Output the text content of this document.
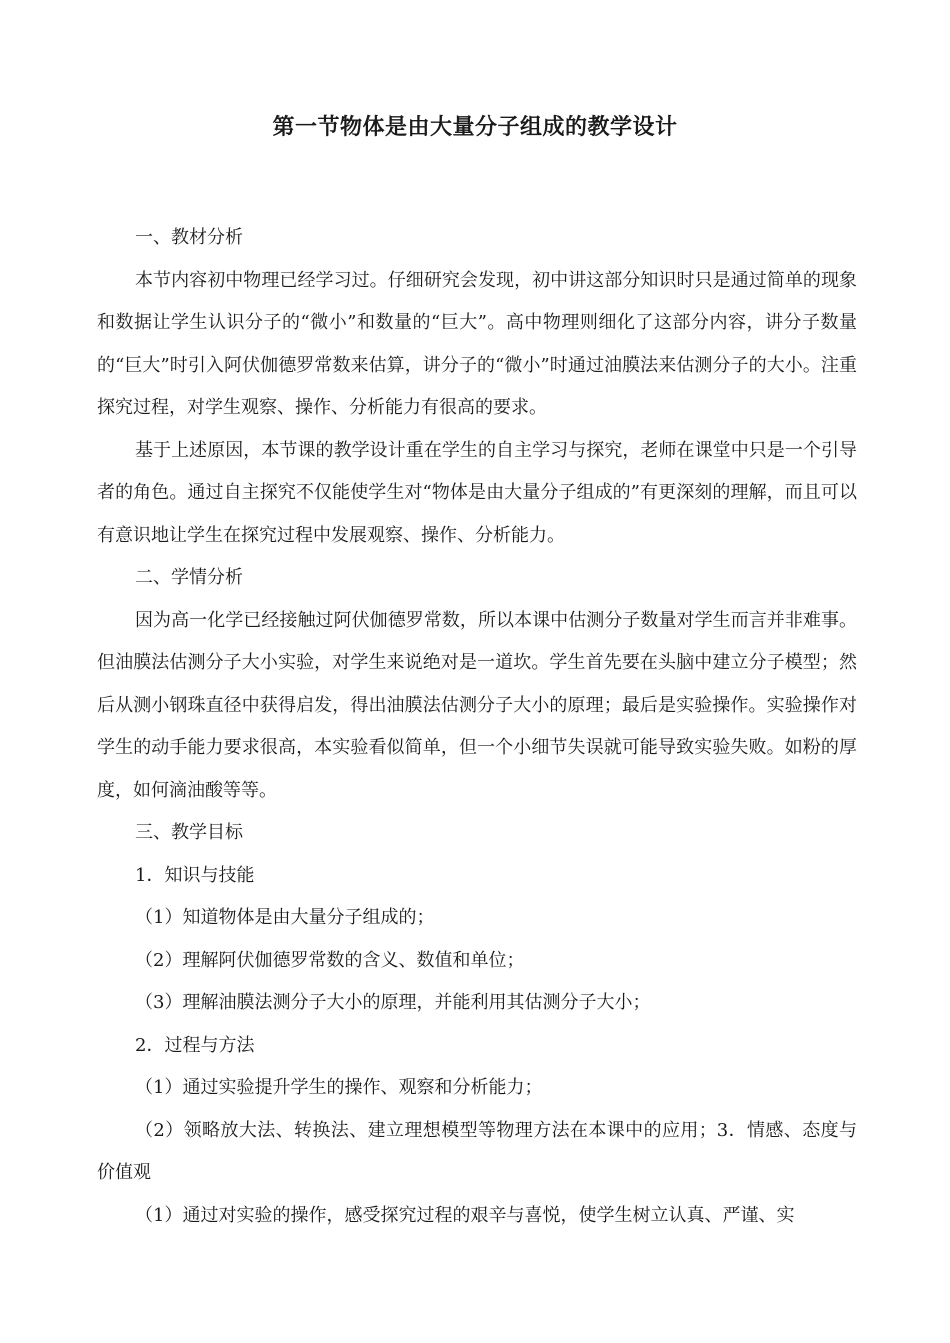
第一节物体是由大量分子组成的教学设计

一、教材分析

本节内容初中物理已经学习过。仔细研究会发现，初中讲这部分知识时只是通过简单的现象和数据让学生认识分子的“微小”和数量的“巨大”。高中物理则细化了这部分内容，讲分子数量的“巨大”时引入阿伏伽德罗常数来估算，讲分子的“微小”时通过油膜法来估测分子的大小。注重探究过程，对学生观察、操作、分析能力有很高的要求。

基于上述原因，本节课的教学设计重在学生的自主学习与探究，老师在课堂中只是一个引导者的角色。通过自主探究不仅能使学生对“物体是由大量分子组成的”有更深刻的理解，而且可以有意识地让学生在探究过程中发展观察、操作、分析能力。

二、学情分析

因为高一化学已经接触过阿伏伽德罗常数，所以本课中估测分子数量对学生而言并非难事。但油膜法估测分子大小实验，对学生来说绝对是一道坎。学生首先要在头脑中建立分子模型；然后从测小钢珠直径中获得启发，得出油膜法估测分子大小的原理；最后是实验操作。实验操作对学生的动手能力要求很高，本实验看似简单，但一个小细节失误就可能导致实验失败。如粉的厚度，如何滴油酸等等。

三、教学目标

1．知识与技能

（1）知道物体是由大量分子组成的；

（2）理解阿伏伽德罗常数的含义、数值和单位；

（3）理解油膜法测分子大小的原理，并能利用其估测分子大小；

2．过程与方法

（1）通过实验提升学生的操作、观察和分析能力；

（2）领略放大法、转换法、建立理想模型等物理方法在本课中的应用；3．情感、态度与价值观

（1）通过对实验的操作，感受探究过程的艰辛与喜悦，使学生树立认真、严谨、实
